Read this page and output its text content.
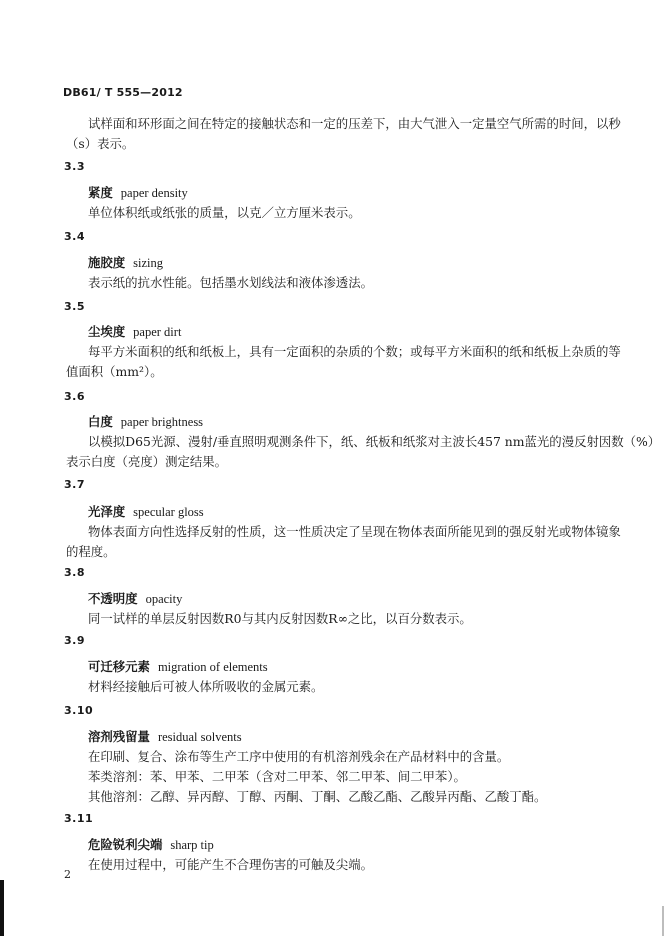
DB61/ T 555—2012
试样面和环形面之间在特定的接触状态和一定的压差下，由大气泄入一定量空气所需的时间，以秒
（s）表示。
3.3
紧度 paper density
单位体积纸或纸张的质量，以克／立方厘米表示。
3.4
施胶度 sizing
表示纸的抗水性能。包括墨水划线法和液体渗透法。
3.5
尘埃度 paper dirt
每平方米面积的纸和纸板上，具有一定面积的杂质的个数；或每平方米面积的纸和纸板上杂质的等
值面积（mm²）。
3.6
白度 paper brightness
以模拟D65光源、漫射/垂直照明观测条件下，纸、纸板和纸浆对主波长457 nm蓝光的漫反射因数（%）
表示白度（亮度）测定结果。
3.7
光泽度 specular gloss
物体表面方向性选择反射的性质，这一性质决定了呈现在物体表面所能见到的强反射光或物体镜象
的程度。
3.8
不透明度 opacity
同一试样的单层反射因数R0与其内反射因数R∞之比，以百分数表示。
3.9
可迁移元素 migration of elements
材料经接触后可被人体所吸收的金属元素。
3.10
溶剂残留量 residual solvents
在印刷、复合、涂布等生产工序中使用的有机溶剂残余在产品材料中的含量。
苯类溶剂：苯、甲苯、二甲苯（含对二甲苯、邻二甲苯、间二甲苯）。
其他溶剂：乙醇、异丙醇、丁醇、丙酮、丁酮、乙酸乙酯、乙酸异丙酯、乙酸丁酯。
3.11
危险锐利尖端 sharp tip
在使用过程中，可能产生不合理伤害的可触及尖端。
2
